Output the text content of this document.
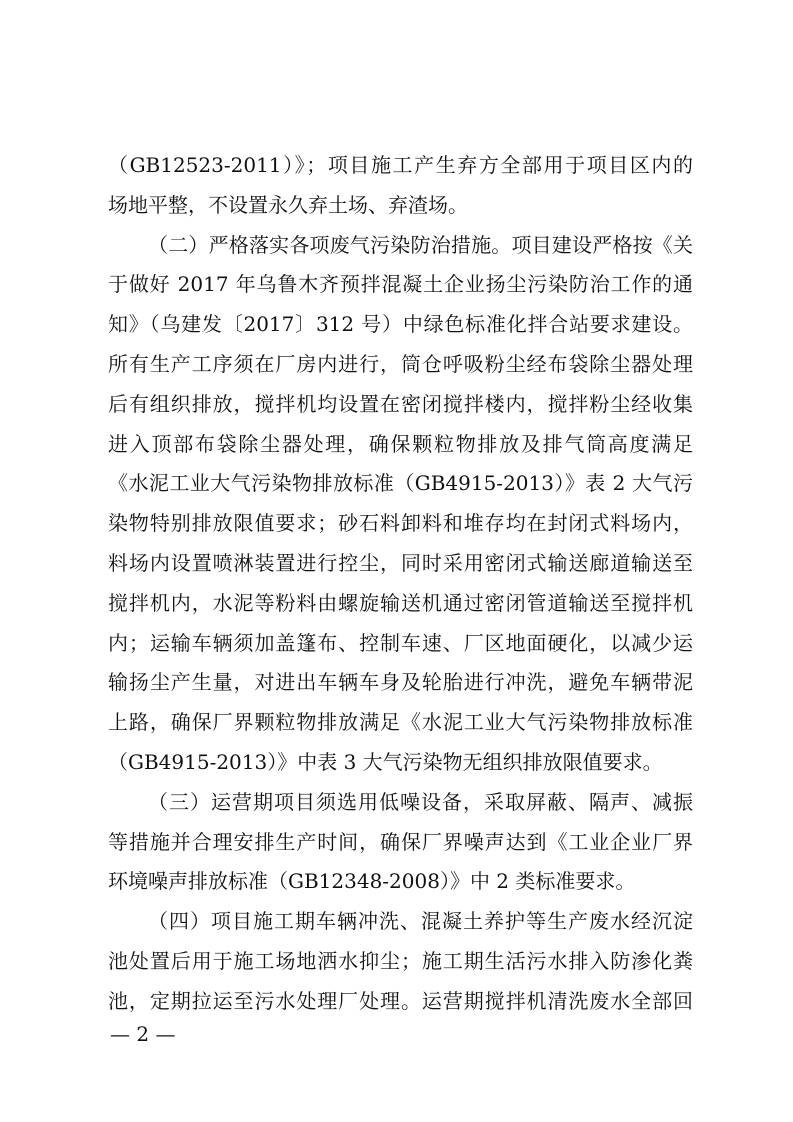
（GB12523-2011）》；项目施工产生弃方全部用于项目区内的
场地平整，不设置永久弃土场、弃渣场。
（二）严格落实各项废气污染防治措施。项目建设严格按《关
于做好 2017 年乌鲁木齐预拌混凝土企业扬尘污染防治工作的通
知》（乌建发〔2017〕312 号）中绿色标准化拌合站要求建设。
所有生产工序须在厂房内进行，筒仓呼吸粉尘经布袋除尘器处理
后有组织排放，搅拌机均设置在密闭搅拌楼内，搅拌粉尘经收集
进入顶部布袋除尘器处理，确保颗粒物排放及排气筒高度满足
《水泥工业大气污染物排放标准（GB4915-2013）》表 2 大气污
染物特别排放限值要求；砂石料卸料和堆存均在封闭式料场内，
料场内设置喷淋装置进行控尘，同时采用密闭式输送廊道输送至
搅拌机内，水泥等粉料由螺旋输送机通过密闭管道输送至搅拌机
内；运输车辆须加盖篷布、控制车速、厂区地面硬化，以减少运
输扬尘产生量，对进出车辆车身及轮胎进行冲洗，避免车辆带泥
上路，确保厂界颗粒物排放满足《水泥工业大气污染物排放标准
（GB4915-2013）》中表 3 大气污染物无组织排放限值要求。
（三）运营期项目须选用低噪设备，采取屏蔽、隔声、减振
等措施并合理安排生产时间，确保厂界噪声达到《工业企业厂界
环境噪声排放标准（GB12348-2008）》中 2 类标准要求。
（四）项目施工期车辆冲洗、混凝土养护等生产废水经沉淀
池处置后用于施工场地洒水抑尘；施工期生活污水排入防渗化粪
池，定期拉运至污水处理厂处理。运营期搅拌机清洗废水全部回
— 2 —
